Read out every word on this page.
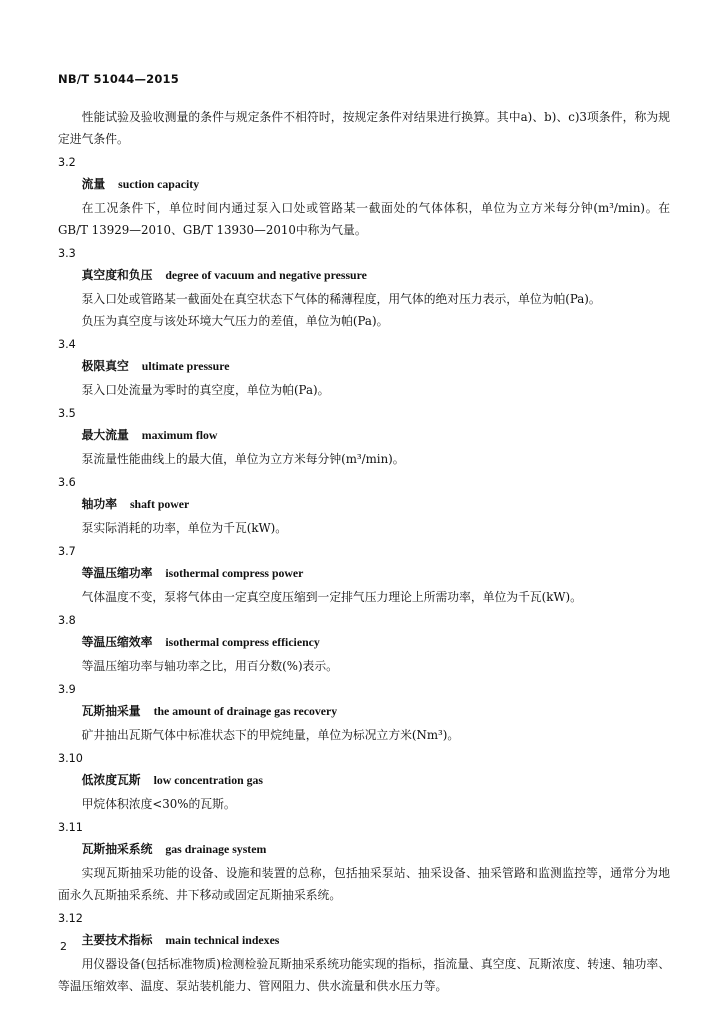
NB/T 51044—2015

性能试验及验收测量的条件与规定条件不相符时，按规定条件对结果进行换算。其中a)、b)、c)3项条件，称为规定进气条件。

3.2
流量 suction capacity

在工况条件下，单位时间内通过泵入口处或管路某一截面处的气体体积，单位为立方米每分钟(m³/min)。在GB/T 13929—2010、GB/T 13930—2010中称为气量。

3.3
真空度和负压 degree of vacuum and negative pressure

泵入口处或管路某一截面处在真空状态下气体的稀薄程度，用气体的绝对压力表示，单位为帕(Pa)。

负压为真空度与该处环境大气压力的差值，单位为帕(Pa)。

3.4
极限真空 ultimate pressure

泵入口处流量为零时的真空度，单位为帕(Pa)。

3.5
最大流量 maximum flow

泵流量性能曲线上的最大值，单位为立方米每分钟(m³/min)。

3.6
轴功率 shaft power

泵实际消耗的功率，单位为千瓦(kW)。

3.7
等温压缩功率 isothermal compress power

气体温度不变，泵将气体由一定真空度压缩到一定排气压力理论上所需功率，单位为千瓦(kW)。

3.8
等温压缩效率 isothermal compress efficiency

等温压缩功率与轴功率之比，用百分数(%)表示。

3.9
瓦斯抽采量 the amount of drainage gas recovery

矿井抽出瓦斯气体中标准状态下的甲烷纯量，单位为标况立方米(Nm³)。

3.10
低浓度瓦斯 low concentration gas

甲烷体积浓度<30%的瓦斯。

3.11
瓦斯抽采系统 gas drainage system

实现瓦斯抽采功能的设备、设施和装置的总称，包括抽采泵站、抽采设备、抽采管路和监测监控等，通常分为地面永久瓦斯抽采系统、井下移动或固定瓦斯抽采系统。

3.12
主要技术指标 main technical indexes

用仪器设备(包括标准物质)检测检验瓦斯抽采系统功能实现的指标，指流量、真空度、瓦斯浓度、转速、轴功率、等温压缩效率、温度、泵站装机能力、管网阻力、供水流量和供水压力等。

2
